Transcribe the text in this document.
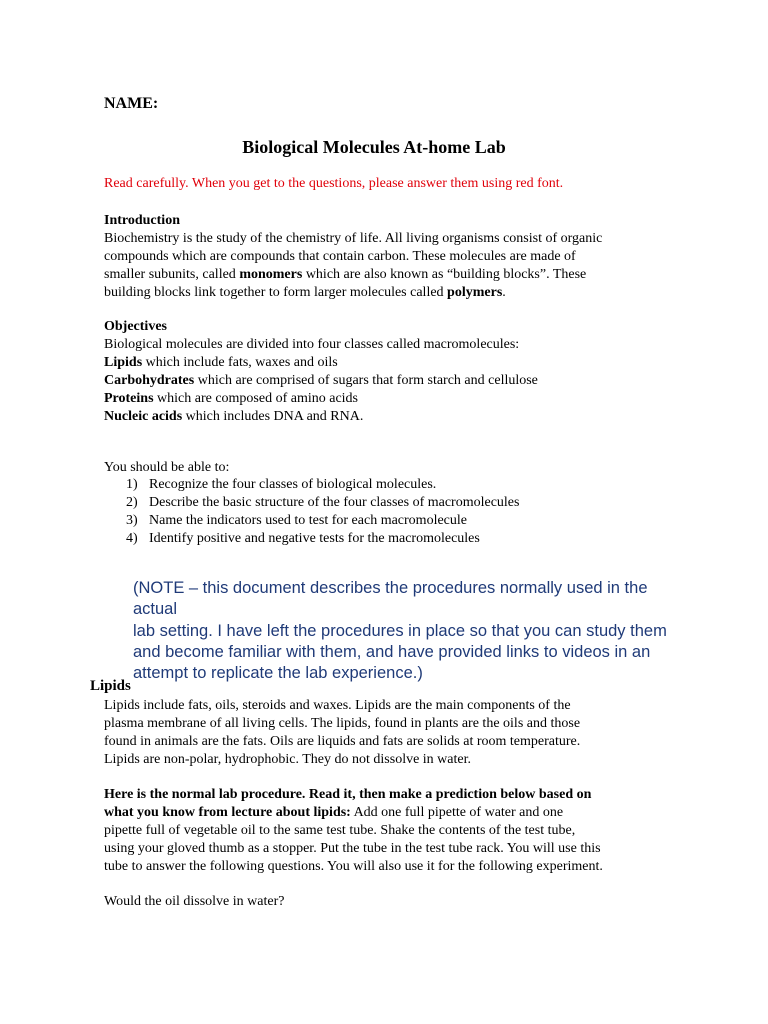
NAME:
Biological Molecules At-home Lab
Read carefully. When you get to the questions, please answer them using red font.

Introduction

Biochemistry is the study of the chemistry of life. All living organisms consist of organic

compounds which are compounds that contain carbon. These molecules are made of

smaller subunits, called monomers which are also known as “building blocks”. These

building blocks link together to form larger molecules called polymers.

Objectives

Biological molecules are divided into four classes called macromolecules:

Lipids which include fats, waxes and oils

Carbohydrates which are comprised of sugars that form starch and cellulose

Proteins which are composed of amino acids

Nucleic acids which includes DNA and RNA.

You should be able to:
1) Recognize the four classes of biological molecules.
2) Describe the basic structure of the four classes of macromolecules
3) Name the indicators used to test for each macromolecule
4) Identify positive and negative tests for the macromolecules

(NOTE – this document describes the procedures normally used in the actual

lab setting. I have left the procedures in place so that you can study them

and become familiar with them, and have provided links to videos in an

attempt to replicate the lab experience.)

Lipids

Lipids include fats, oils, steroids and waxes. Lipids are the main components of the

plasma membrane of all living cells. The lipids, found in plants are the oils and those

found in animals are the fats. Oils are liquids and fats are solids at room temperature.

Lipids are non-polar, hydrophobic. They do not dissolve in water.

Here is the normal lab procedure. Read it, then make a prediction below based on

what you know from lecture about lipids: Add one full pipette of water and one

pipette full of vegetable oil to the same test tube. Shake the contents of the test tube,

using your gloved thumb as a stopper. Put the tube in the test tube rack. You will use this

tube to answer the following questions. You will also use it for the following experiment.

Would the oil dissolve in water?
